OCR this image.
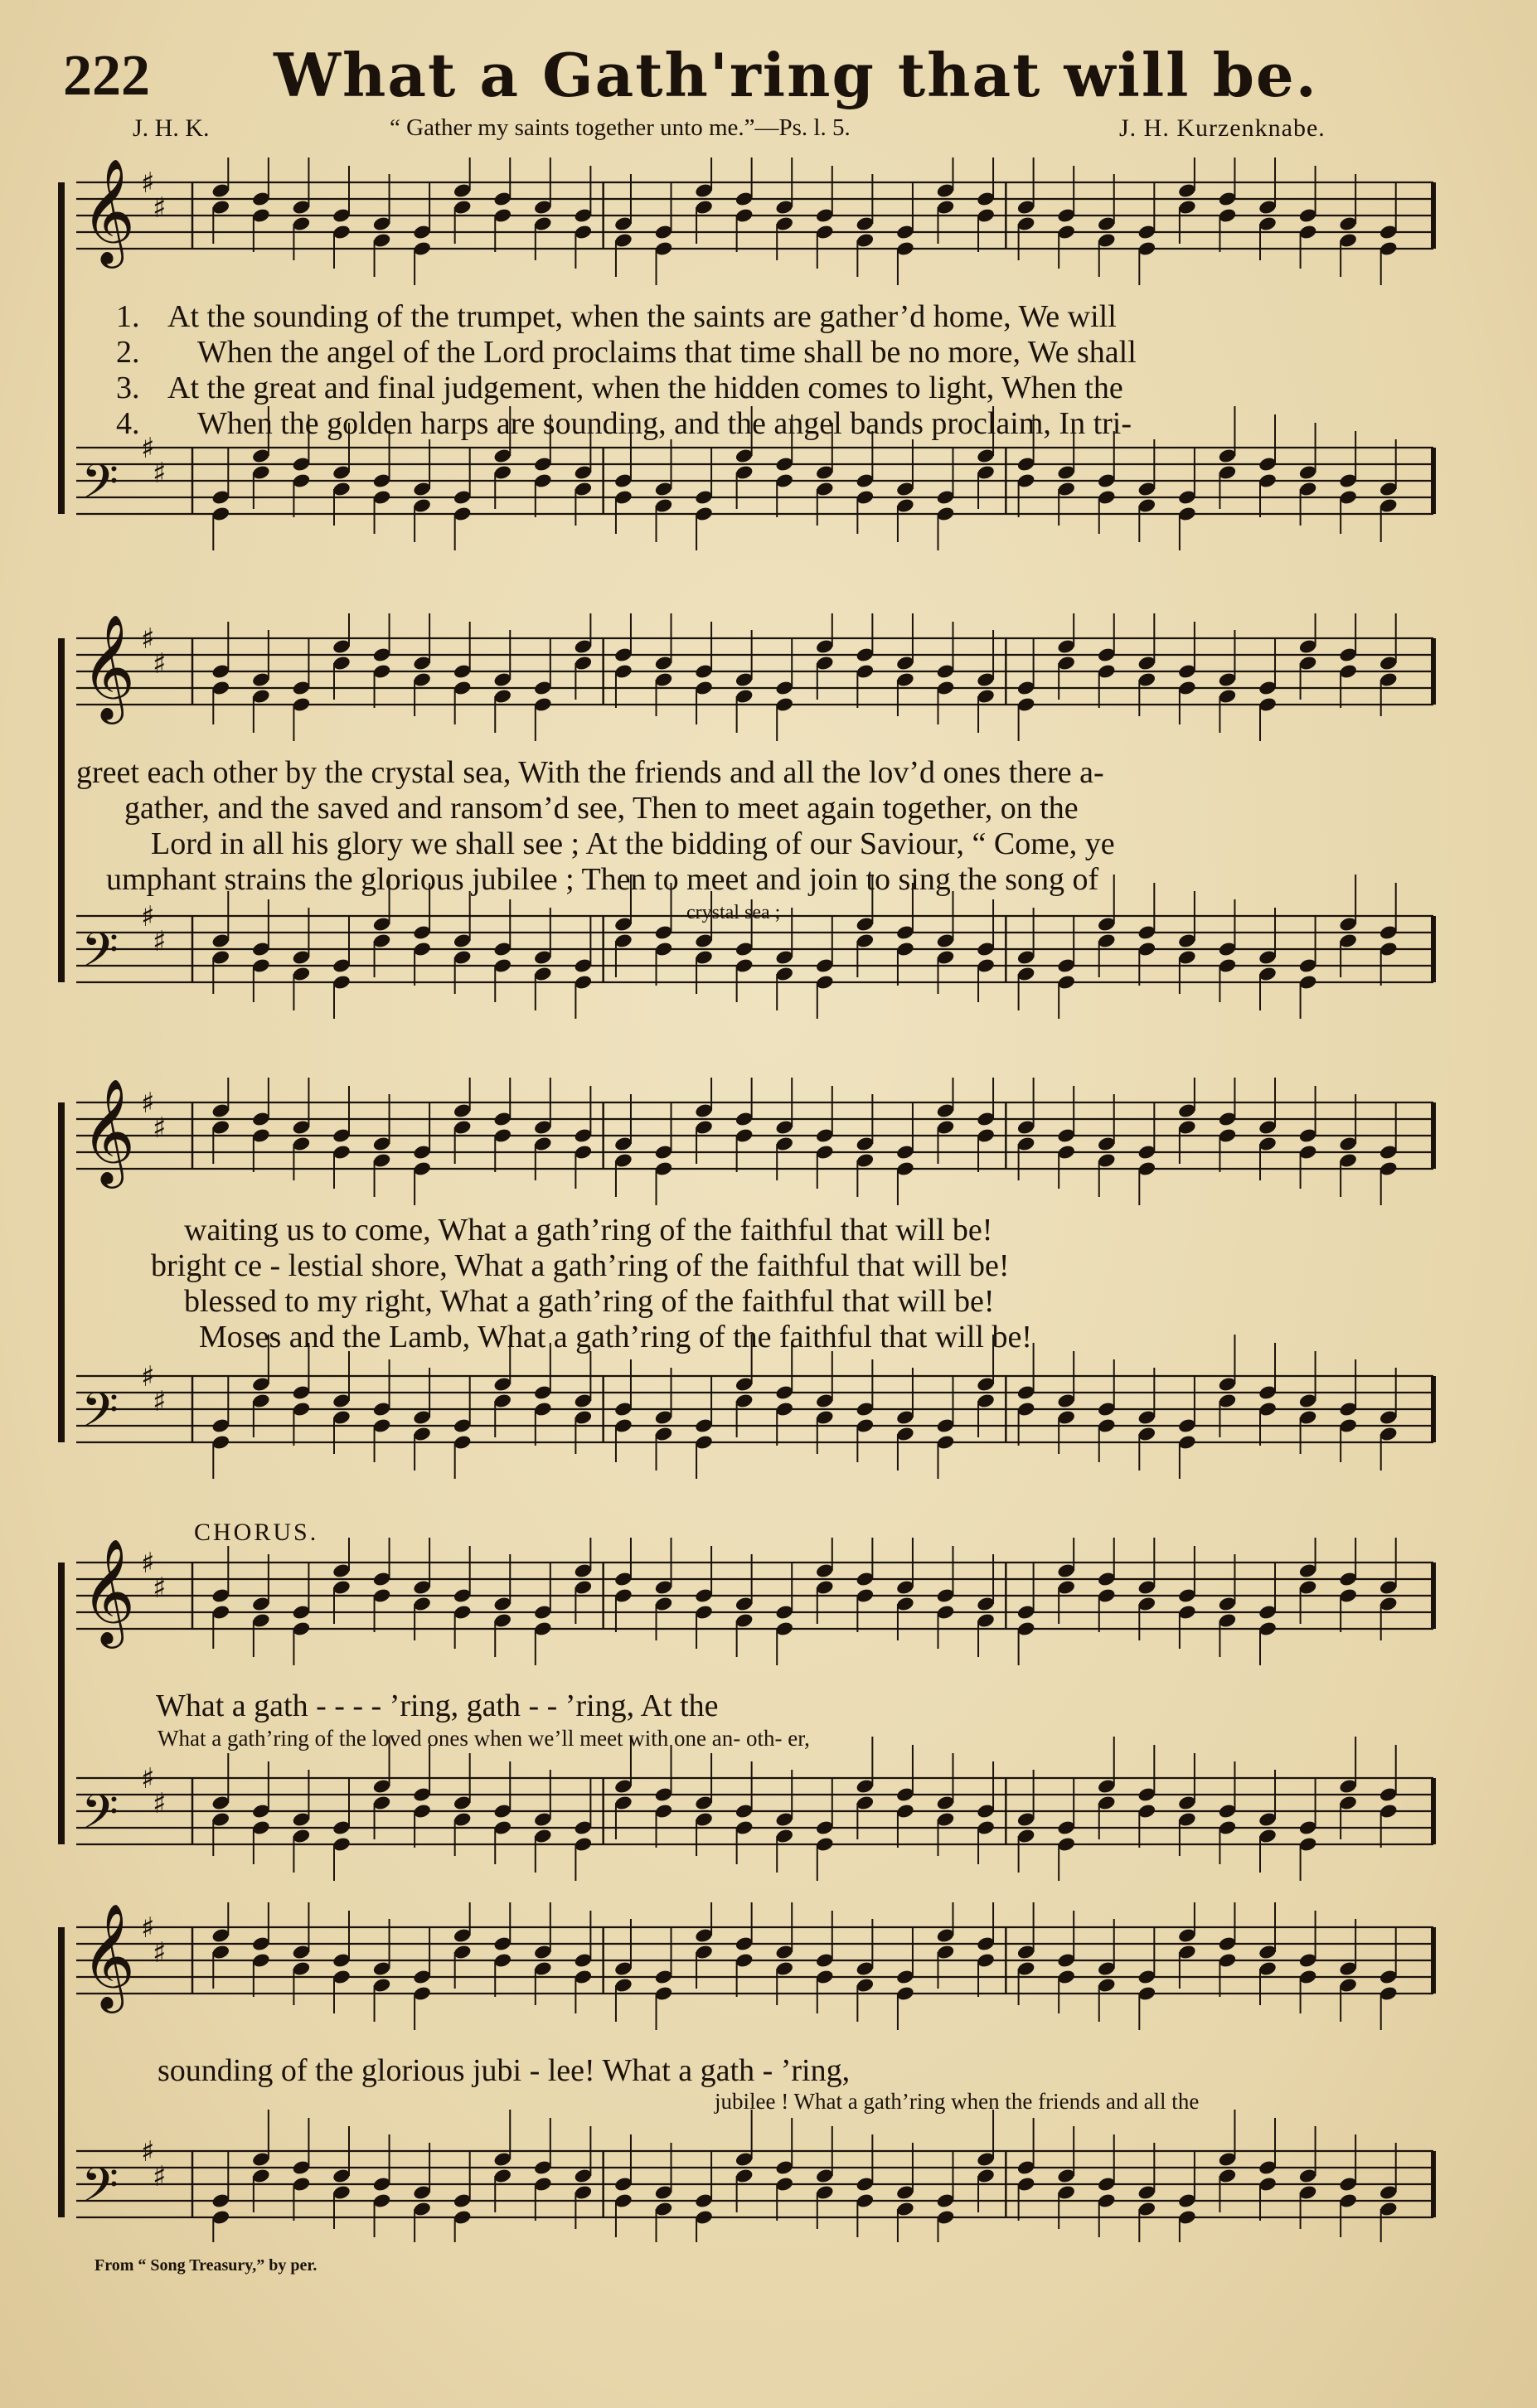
222 What a Gath'ring that will be.
J. H. K.	“ Gather my saints together unto me.”—Ps. l. 5.	J. H. Kurzenknabe.
𝄞 ♯
♯
𝄢
♯
♯
𝄞 ♯
♯
𝄢
♯
♯
𝄞 ♯
♯
𝄢
♯
♯
𝄞 ♯
♯
𝄢
♯
♯
𝄞 ♯
♯
𝄢
♯
♯
1.
2.
3.
4.
At the sounding of the trumpet, when the saints are gather’d home, We will
When the angel of the Lord proclaims that time shall be no more, We shall
At the great and final judgement, when the hidden comes to light, When the
When the golden harps are sounding, and the angel bands proclaim, In tri-
greet each other by the crystal sea, With the friends and all the lov’d ones there a-
gather, and the saved and ransom’d see, Then to meet again together, on the
Lord in all his glory we shall see ; At the bidding of our Saviour, “ Come, ye
umphant strains the glorious jubilee ; Then to meet and join to sing the song of
crystal sea ;
waiting us to come, What a gath’ring of the faithful that will be!
bright ce - lestial shore, What a gath’ring of the faithful that will be!
blessed to my right, What a gath’ring of the faithful that will be!
Moses and the Lamb, What a gath’ring of the faithful that will be!
CHORUS.
What a gath - - - - ’ring, gath - - ’ring, At the
What a gath’ring of the loved ones when we’ll meet with one an- oth- er,
sounding of the glorious jubi - lee! What a gath - ’ring,
jubilee ! What a gath’ring when the friends and all the
From “ Song Treasury,” by per.
